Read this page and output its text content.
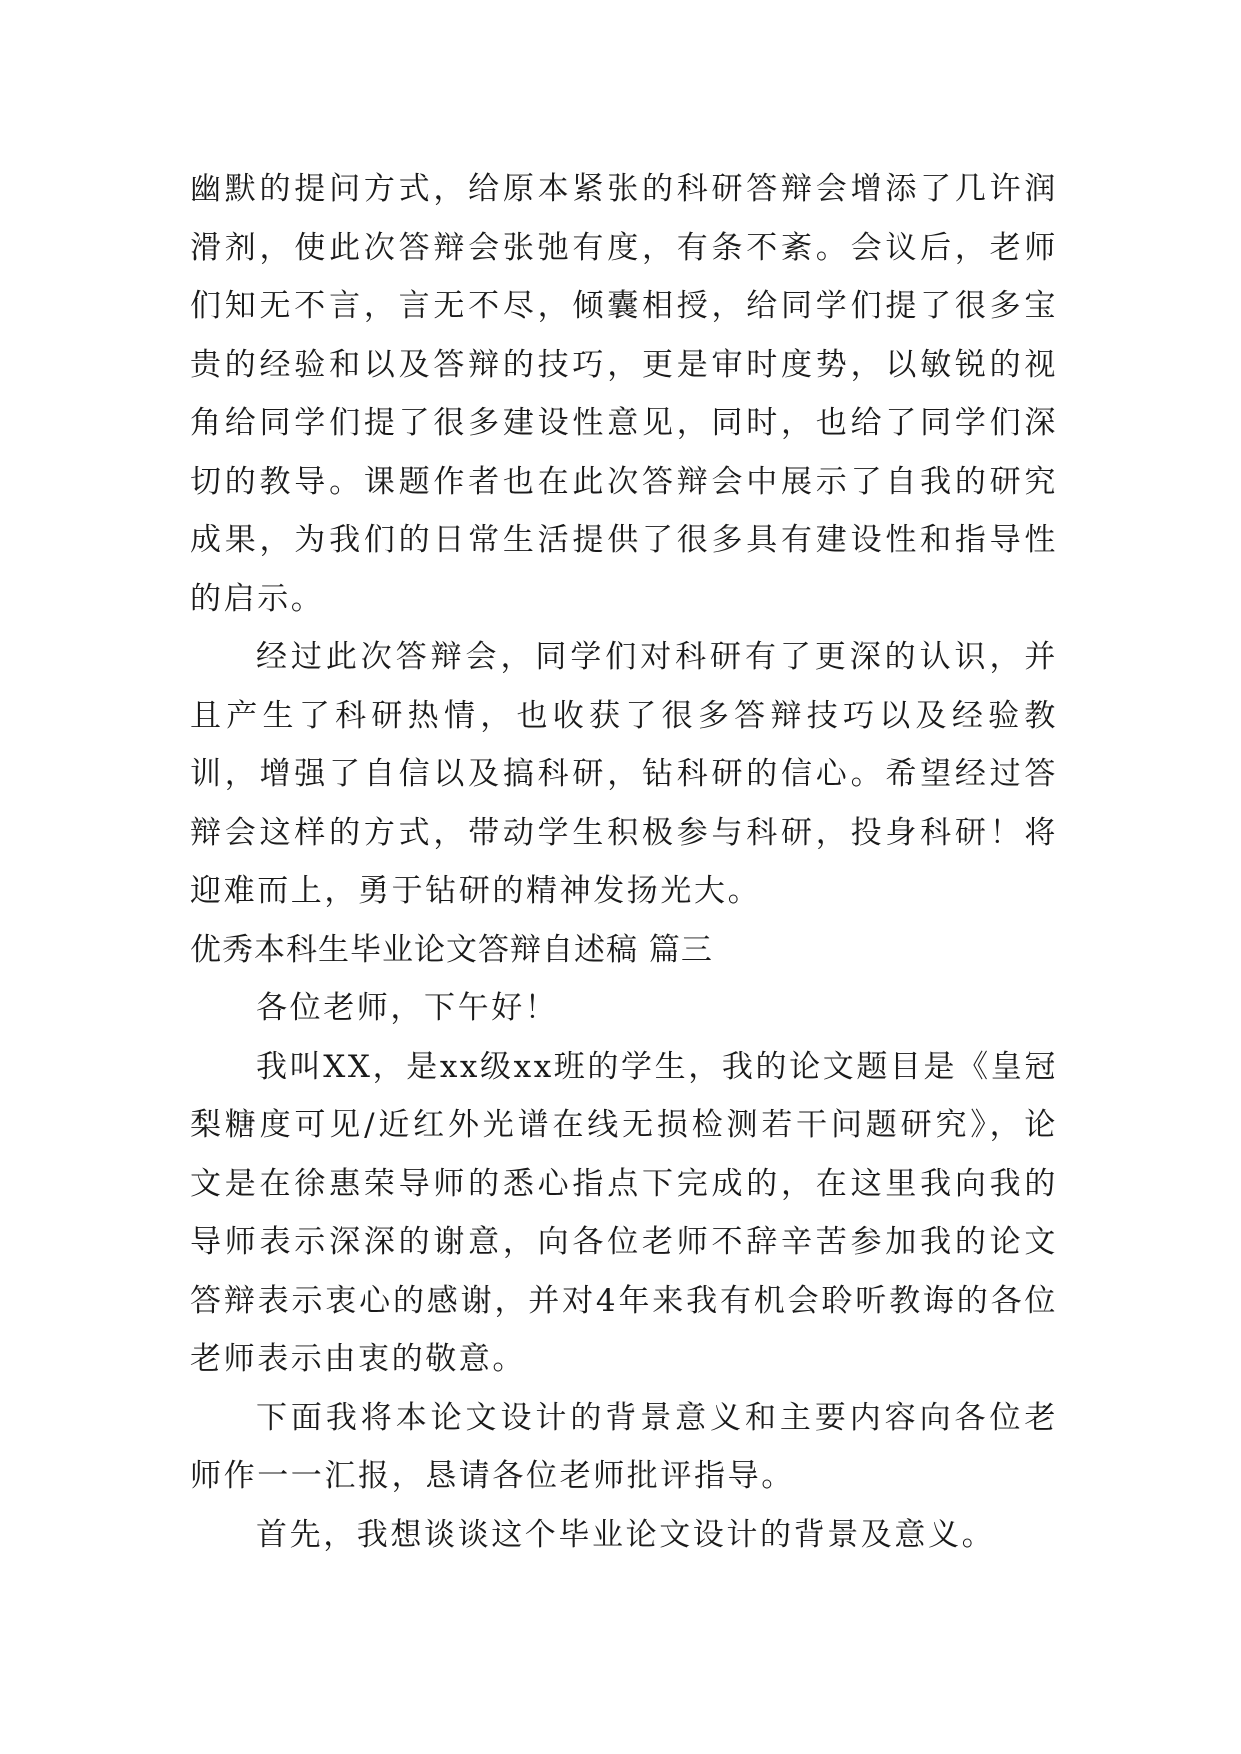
幽默的提问方式，给原本紧张的科研答辩会增添了几许润滑剂，使此次答辩会张弛有度，有条不紊。会议后，老师们知无不言，言无不尽，倾囊相授，给同学们提了很多宝贵的经验和以及答辩的技巧，更是审时度势，以敏锐的视角给同学们提了很多建设性意见，同时，也给了同学们深切的教导。课题作者也在此次答辩会中展示了自我的研究成果，为我们的日常生活提供了很多具有建设性和指导性的启示。

经过此次答辩会，同学们对科研有了更深的认识，并且产生了科研热情，也收获了很多答辩技巧以及经验教训，增强了自信以及搞科研，钻科研的信心。希望经过答辩会这样的方式，带动学生积极参与科研，投身科研！将迎难而上，勇于钻研的精神发扬光大。

优秀本科生毕业论文答辩自述稿 篇三

各位老师，下午好！

我叫XX，是xx级xx班的学生，我的论文题目是《皇冠梨糖度可见/近红外光谱在线无损检测若干问题研究》，论文是在徐惠荣导师的悉心指点下完成的，在这里我向我的导师表示深深的谢意，向各位老师不辞辛苦参加我的论文答辩表示衷心的感谢，并对4年来我有机会聆听教诲的各位老师表示由衷的敬意。

下面我将本论文设计的背景意义和主要内容向各位老师作一一汇报，恳请各位老师批评指导。

首先，我想谈谈这个毕业论文设计的背景及意义。
